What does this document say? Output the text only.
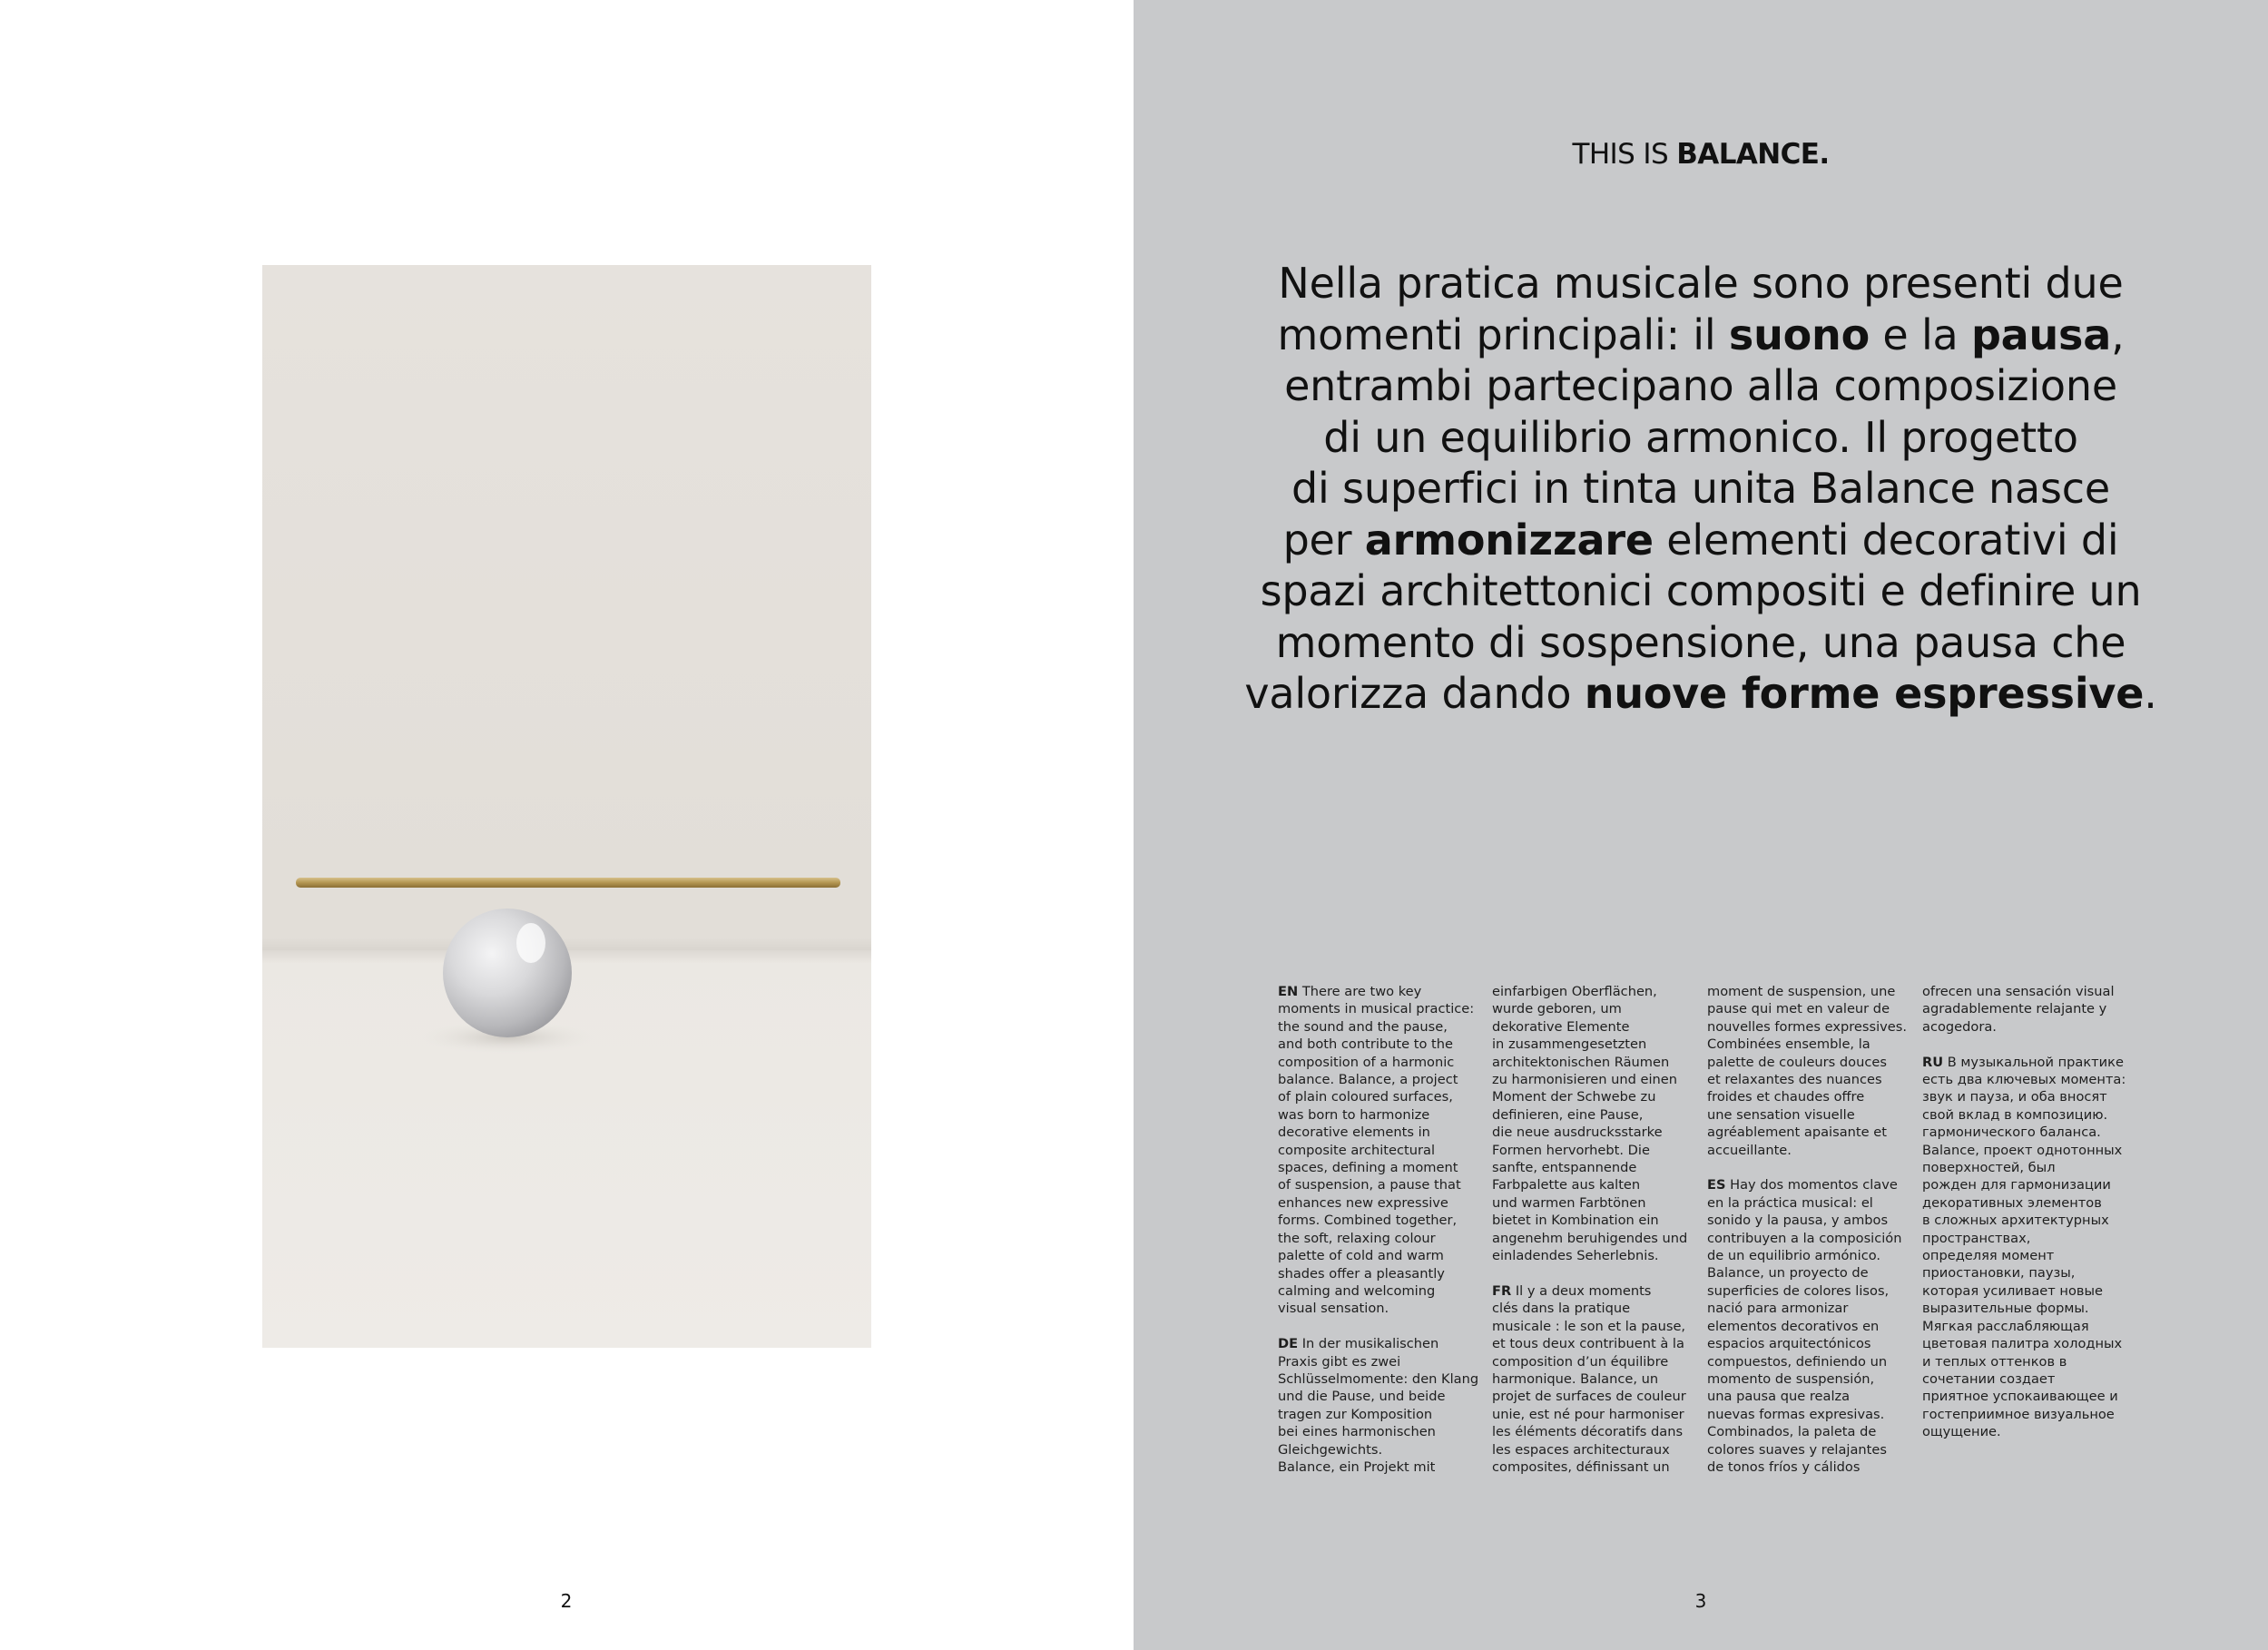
2
THIS IS BALANCE.
Nella pratica musicale sono presenti due
momenti principali: il suono e la pausa,
entrambi partecipano alla composizione
di un equilibrio armonico. Il progetto
di superfici in tinta unita Balance nasce
per armonizzare elementi decorativi di
spazi architettonici compositi e definire un
momento di sospensione, una pausa che
valorizza dando nuove forme espressive.

EN There are two key
moments in musical practice:
the sound and the pause,
and both contribute to the
composition of a harmonic
balance. Balance, a project
of plain coloured surfaces,
was born to harmonize
decorative elements in
composite architectural
spaces, defining a moment
of suspension, a pause that
enhances new expressive
forms. Combined together,
the soft, relaxing colour
palette of cold and warm
shades offer a pleasantly
calming and welcoming
visual sensation.

DE In der musikalischen
Praxis gibt es zwei
Schlüsselmomente: den Klang
und die Pause, und beide
tragen zur Komposition
bei eines harmonischen
Gleichgewichts.
Balance, ein Projekt mit

einfarbigen Oberflächen,
wurde geboren, um
dekorative Elemente
in zusammengesetzten
architektonischen Räumen
zu harmonisieren und einen
Moment der Schwebe zu
definieren, eine Pause,
die neue ausdrucksstarke
Formen hervorhebt. Die
sanfte, entspannende
Farbpalette aus kalten
und warmen Farbtönen
bietet in Kombination ein
angenehm beruhigendes und
einladendes Seherlebnis.

FR Il y a deux moments
clés dans la pratique
musicale : le son et la pause,
et tous deux contribuent à la
composition d’un équilibre
harmonique. Balance, un
projet de surfaces de couleur
unie, est né pour harmoniser
les éléments décoratifs dans
les espaces architecturaux
composites, définissant un

moment de suspension, une
pause qui met en valeur de
nouvelles formes expressives.
Combinées ensemble, la
palette de couleurs douces
et relaxantes des nuances
froides et chaudes offre
une sensation visuelle
agréablement apaisante et
accueillante.

ES Hay dos momentos clave
en la práctica musical: el
sonido y la pausa, y ambos
contribuyen a la composición
de un equilibrio armónico.
Balance, un proyecto de
superficies de colores lisos,
nació para armonizar
elementos decorativos en
espacios arquitectónicos
compuestos, definiendo un
momento de suspensión,
una pausa que realza
nuevas formas expresivas.
Combinados, la paleta de
colores suaves y relajantes
de tonos fríos y cálidos

ofrecen una sensación visual
agradablemente relajante y
acogedora.

RU В музыкальной практике
есть два ключевых момента:
звук и пауза, и оба вносят
свой вклад в композицию.
гармонического баланса.
Balance, проект однотонных
поверхностей, был
рожден для гармонизации
декоративных элементов
в сложных архитектурных
пространствах,
определяя момент
приостановки, паузы,
которая усиливает новые
выразительные формы.
Мягкая расслабляющая
цветовая палитра холодных
и теплых оттенков в
сочетании создает
приятное успокаивающее и
гостеприимное визуальное
ощущение.

3
